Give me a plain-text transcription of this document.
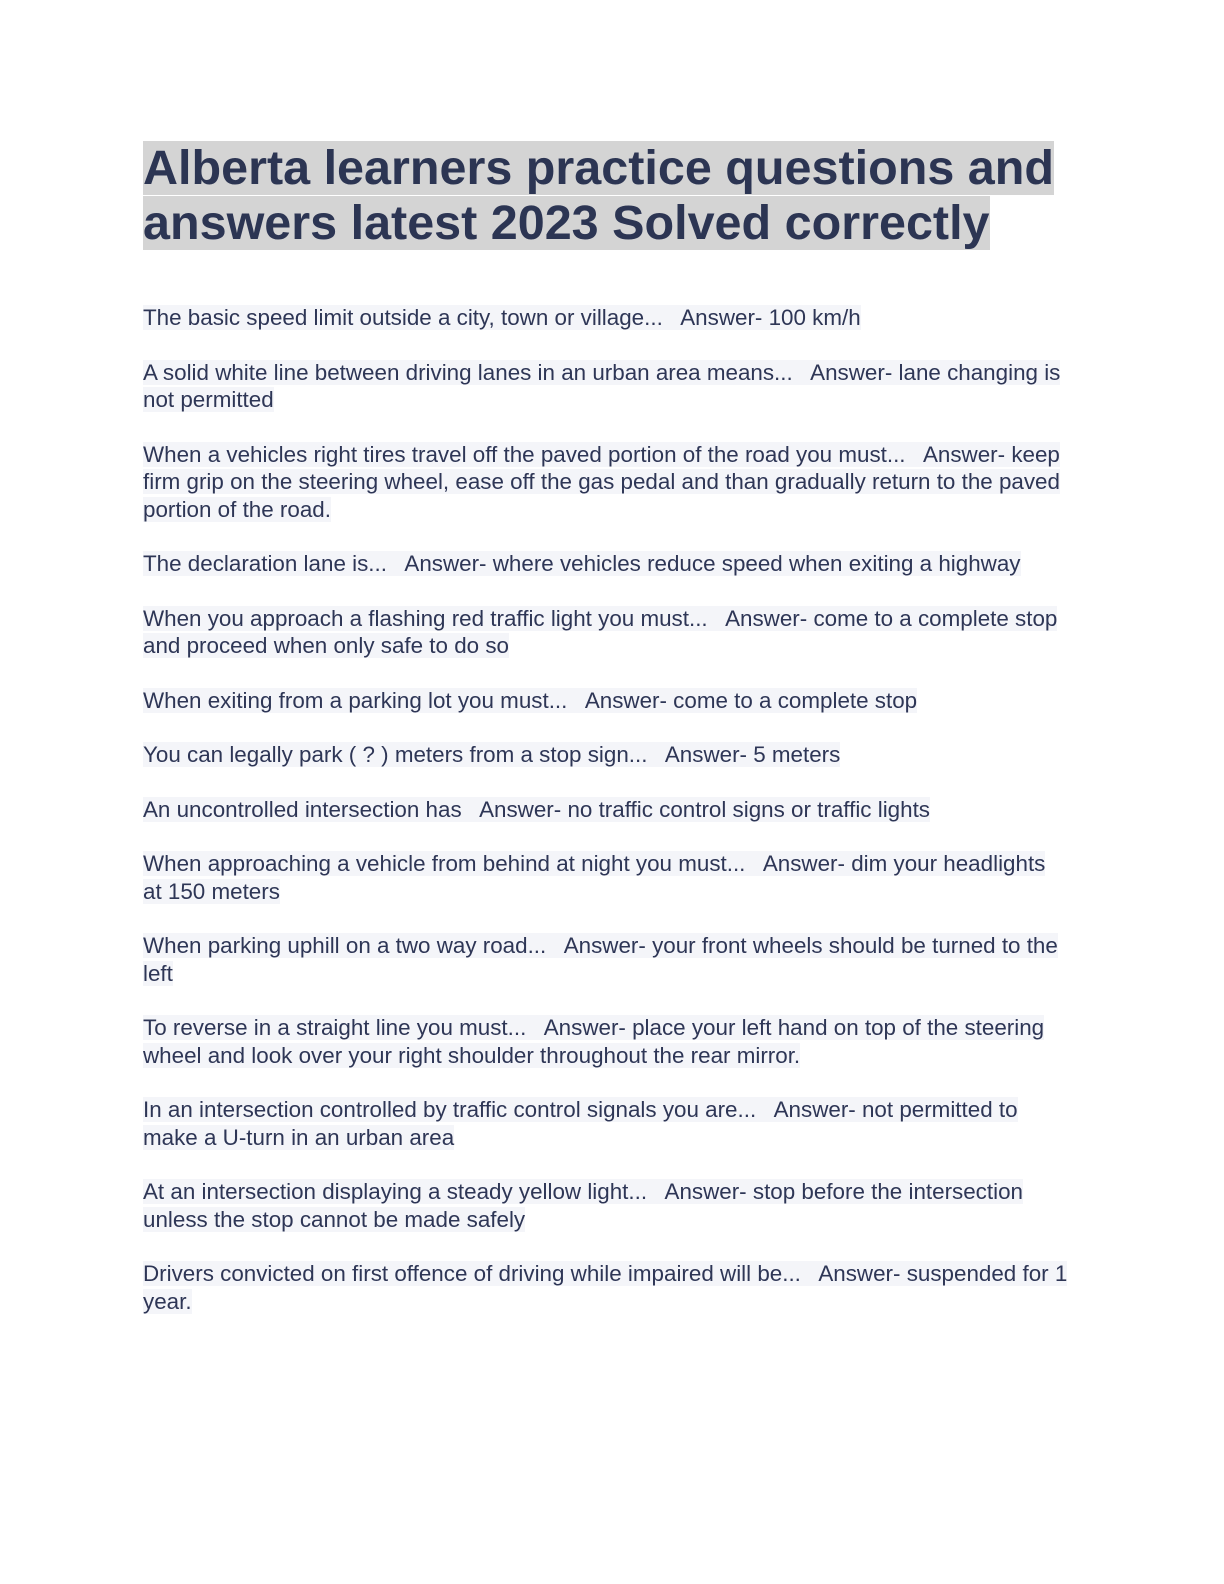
Alberta learners practice questions and answers latest 2023 Solved correctly

The basic speed limit outside a city, town or village... Answer- 100 km/h

A solid white line between driving lanes in an urban area means... Answer- lane changing is not permitted

When a vehicles right tires travel off the paved portion of the road you must... Answer- keep firm grip on the steering wheel, ease off the gas pedal and than gradually return to the paved portion of the road.

The declaration lane is... Answer- where vehicles reduce speed when exiting a highway

When you approach a flashing red traffic light you must... Answer- come to a complete stop and proceed when only safe to do so

When exiting from a parking lot you must... Answer- come to a complete stop

You can legally park ( ? ) meters from a stop sign... Answer- 5 meters

An uncontrolled intersection has Answer- no traffic control signs or traffic lights

When approaching a vehicle from behind at night you must... Answer- dim your headlights at 150 meters

When parking uphill on a two way road... Answer- your front wheels should be turned to the left

To reverse in a straight line you must... Answer- place your left hand on top of the steering wheel and look over your right shoulder throughout the rear mirror.

In an intersection controlled by traffic control signals you are... Answer- not permitted to make a U-turn in an urban area

At an intersection displaying a steady yellow light... Answer- stop before the intersection unless the stop cannot be made safely

Drivers convicted on first offence of driving while impaired will be... Answer- suspended for 1 year.
